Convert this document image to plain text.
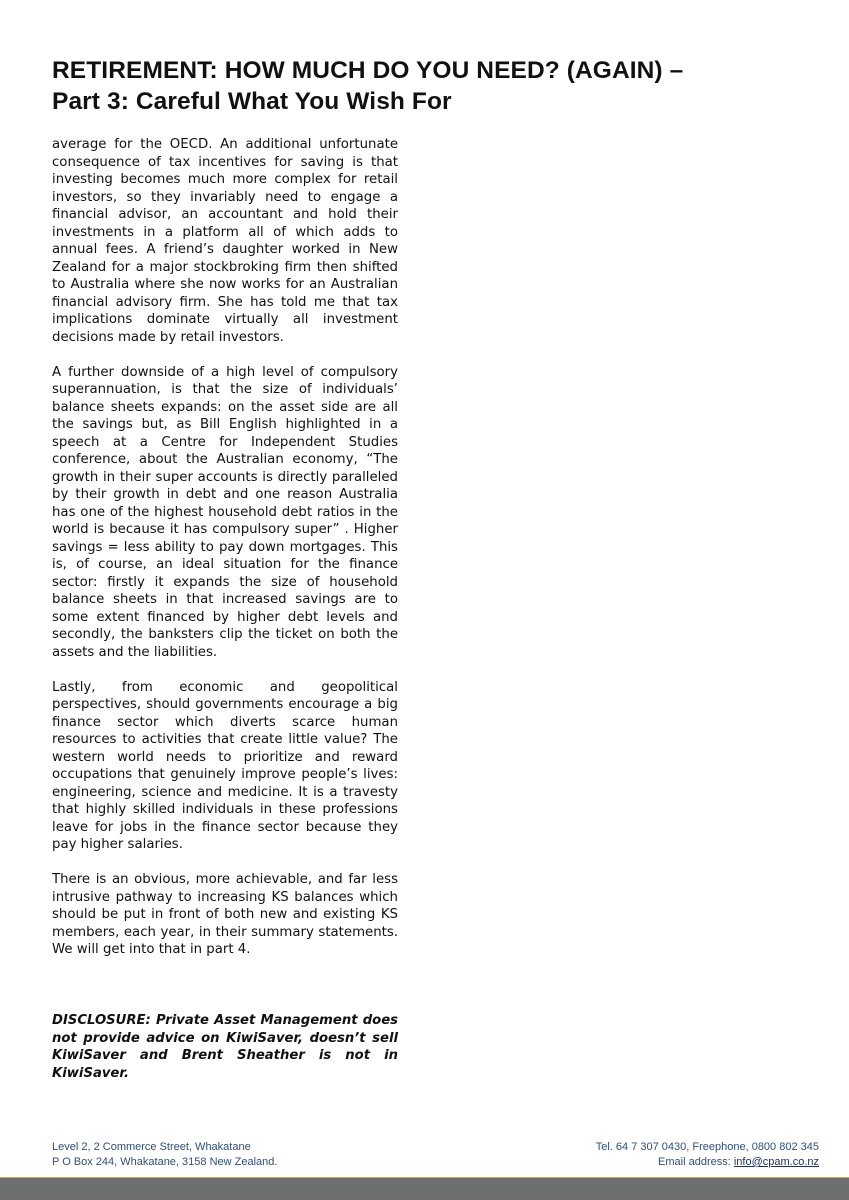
RETIREMENT: HOW MUCH DO YOU NEED? (AGAIN) –
Part 3: Careful What You Wish For

average for the OECD. An additional unfortunate consequence of tax incentives for saving is that investing becomes much more complex for retail investors, so they invariably need to engage a financial advisor, an accountant and hold their investments in a platform all of which adds to annual fees. A friend’s daughter worked in New Zealand for a major stockbroking firm then shifted to Australia where she now works for an Australian financial advisory firm. She has told me that tax implications dominate virtually all investment decisions made by retail investors.

A further downside of a high level of compulsory superannuation, is that the size of individuals’ balance sheets expands: on the asset side are all the savings but, as Bill English highlighted in a speech at a Centre for Independent Studies conference, about the Australian economy, “The growth in their super accounts is directly paralleled by their growth in debt and one reason Australia has one of the highest household debt ratios in the world is because it has compulsory super” . Higher savings = less ability to pay down mortgages. This is, of course, an ideal situation for the finance sector: firstly it expands the size of household balance sheets in that increased savings are to some extent financed by higher debt levels and secondly, the banksters clip the ticket on both the assets and the liabilities.

Lastly, from economic and geopolitical perspectives, should governments encourage a big finance sector which diverts scarce human resources to activities that create little value? The western world needs to prioritize and reward occupations that genuinely improve people’s lives: engineering, science and medicine. It is a travesty that highly skilled individuals in these professions leave for jobs in the finance sector because they pay higher salaries.

There is an obvious, more achievable, and far less intrusive pathway to increasing KS balances which should be put in front of both new and existing KS members, each year, in their summary statements. We will get into that in part 4.

DISCLOSURE: Private Asset Management does not provide advice on KiwiSaver, doesn’t sell KiwiSaver and Brent Sheather is not in KiwiSaver.

Level 2, 2 Commerce Street, Whakatane
P O Box 244, Whakatane, 3158 New Zealand.
Tel. 64 7 307 0430, Freephone, 0800 802 345
Email address: info@cpam.co.nz
